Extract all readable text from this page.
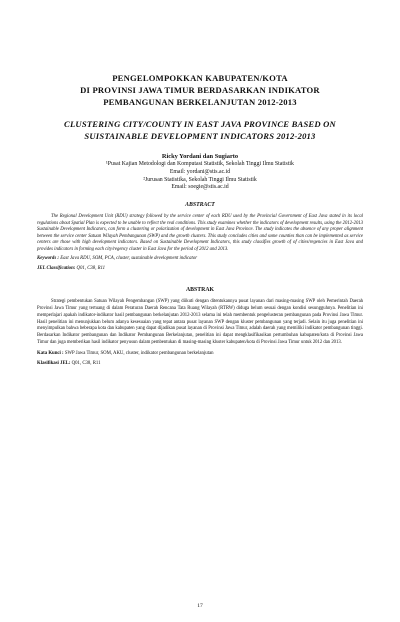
PENGELOMPOKKAN KABUPATEN/KOTA
DI PROVINSI JAWA TIMUR BERDASARKAN INDIKATOR
PEMBANGUNAN BERKELANJUTAN 2012-2013
CLUSTERING CITY/COUNTY IN EAST JAVA PROVINCE BASED ON
SUISTAINABLE DEVELOPMENT INDICATORS 2012-2013
Ricky Yordani dan Sugiarto
¹Pusat Kajian Metodologi dan Komputasi Statistik, Sekolah Tinggi Ilmu Statistik
Email: yordani@stis.ac.id
²Jurusan Statistika, Sekolah Tinggi Ilmu Statistik
Email: soegie@stis.ac.id
ABSTRACT
The Regional Development Unit (RDU) strategy followed by the service center of each RDU used by the Provincial Government of East Java stated in its local regulations about Spatial Plan is expected to be unable to reflect the real conditions. This study examines whether the indicators of development results, using the 2012-2013 Sustainable Development Indicators, can form a clustering or polarization of development in East Java Province. The study indicates the absence of any proper alignment between the service center Satuan Wilayah Pembangunan (SWP) and the growth clusters. This study concludes cities and some counties than can be implemented as service centers are those with high development indicators. Based on Sustainable Development Indicators, this study classifies growth of of cities/regencies in East Java and provides indicators in forming each city/regency cluster in East Java for the period of 2012 and 2013.
Keywords : East Java RDU, SOM, PCA, cluster, sustainable development indicator
JEL Classification: Q01, C38, R11
ABSTRAK
Strategi pembentukan Satuan Wilayah Pengembangan (SWP) yang diikuti dengan ditentukannya pusat layanan dari masing-masing SWP oleh Pemerintah Daerah Provinsi Jawa Timur yang tertuang di dalam Peraturan Daerah Rencana Tata Ruang Wilayah (RTRW) diduga belum sesuai dengan kondisi sesungguhnya. Penelitian ini memperlajari apakah indikator-indikator hasil pembangunan berkelanjutan 2012-2013 selama ini telah membentuk pengelusteran pembangunan pada Provinsi Jawa Timur. Hasil penelitian ini menunjukkan belum adanya kesesuaian yang tepat antara pusat layanan SWP dengan kluster pembangunan yang terjadi. Selain itu juga penelitian ini menyimpulkan bahwa beberapa kota dan kabupaten yang dapat dijadikan pusat layanan di Provinsi Jawa Timur, adalah daerah yang memiliki indikator pembangunan tinggi. Berdasarkan Indikator pembangunan dan Indikator Pembangunan Berkelanjutan, penelitian ini dapat mengklasifikasikan pertumbuhan kabupaten/kota di Provinsi Jawa Timur dan juga memberikan hasil indikator penyusun dalam pembentukan di masing-masing kluster kabupaten/kota di Provinsi Jawa Timur untuk 2012 dan 2013.
Kata Kunci : SWP Jawa Timur, SOM, AKU, cluster, indikator pembangunan berkelanjutan
Klasifikasi JEL: Q01, C38, R11
17
